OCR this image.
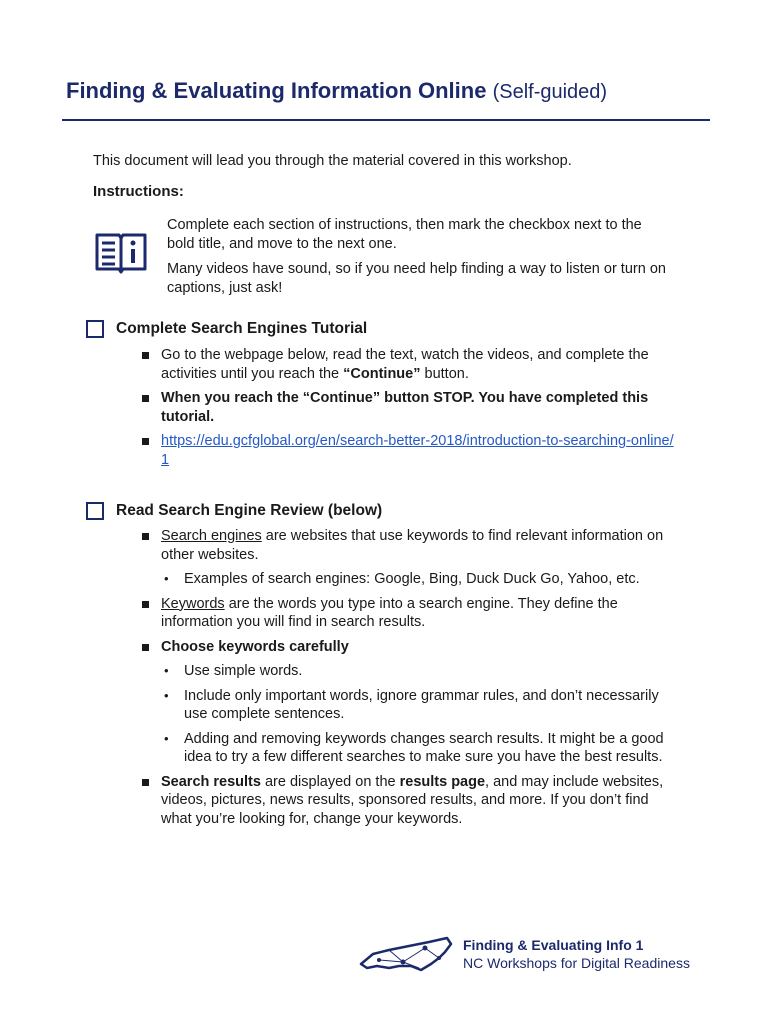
Finding & Evaluating Information Online (Self-guided)
This document will lead you through the material covered in this workshop.
Instructions:

Complete each section of instructions, then mark the checkbox next to the bold title, and move to the next one.

Many videos have sound, so if you need help finding a way to listen or turn on captions, just ask!

Complete Search Engines Tutorial
Go to the webpage below, read the text, watch the videos, and complete the activities until you reach the “Continue” button.
When you reach the “Continue” button STOP. You have completed this tutorial.
https://edu.gcfglobal.org/en/search-better-2018/introduction-to-searching-online/1
Read Search Engine Review (below)
Search engines are websites that use keywords to find relevant information on other websites.
• Examples of search engines: Google, Bing, Duck Duck Go, Yahoo, etc.
Keywords are the words you type into a search engine. They define the information you will find in search results.
Choose keywords carefully
• Use simple words.
• Include only important words, ignore grammar rules, and don’t necessarily use complete sentences.
• Adding and removing keywords changes search results. It might be a good idea to try a few different searches to make sure you have the best results.
Search results are displayed on the results page, and may include websites, videos, pictures, news results, sponsored results, and more. If you don’t find what you’re looking for, change your keywords.
Finding & Evaluating Info 1
NC Workshops for Digital Readiness
